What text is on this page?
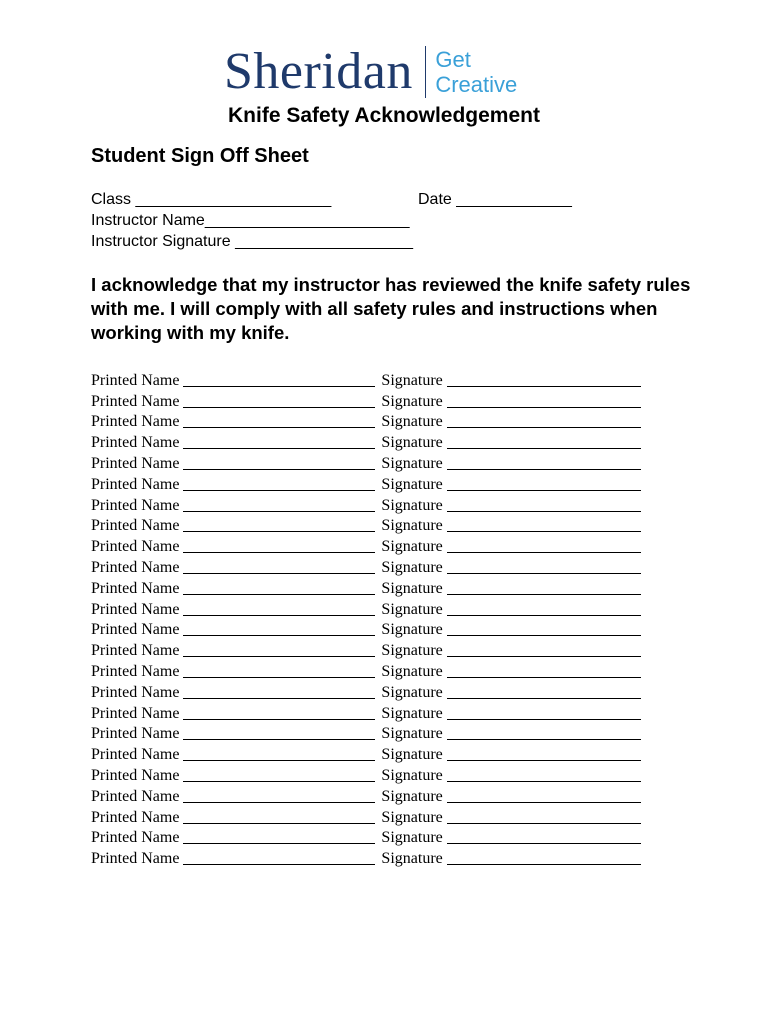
Sheridan Get
Creative
Knife Safety Acknowledgement
Student Sign Off Sheet
Class ______________________	Date _____________
Instructor Name_______________________
Instructor Signature ____________________
I acknowledge that my instructor has reviewed the knife safety rules with me. I will comply with all safety rules and instructions when working with my knife.
Printed Name	Signature
Printed Name	Signature
Printed Name	Signature
Printed Name	Signature
Printed Name	Signature
Printed Name	Signature
Printed Name	Signature
Printed Name	Signature
Printed Name	Signature
Printed Name	Signature
Printed Name	Signature
Printed Name	Signature
Printed Name	Signature
Printed Name	Signature
Printed Name	Signature
Printed Name	Signature
Printed Name	Signature
Printed Name	Signature
Printed Name	Signature
Printed Name	Signature
Printed Name	Signature
Printed Name	Signature
Printed Name	Signature
Printed Name	Signature
